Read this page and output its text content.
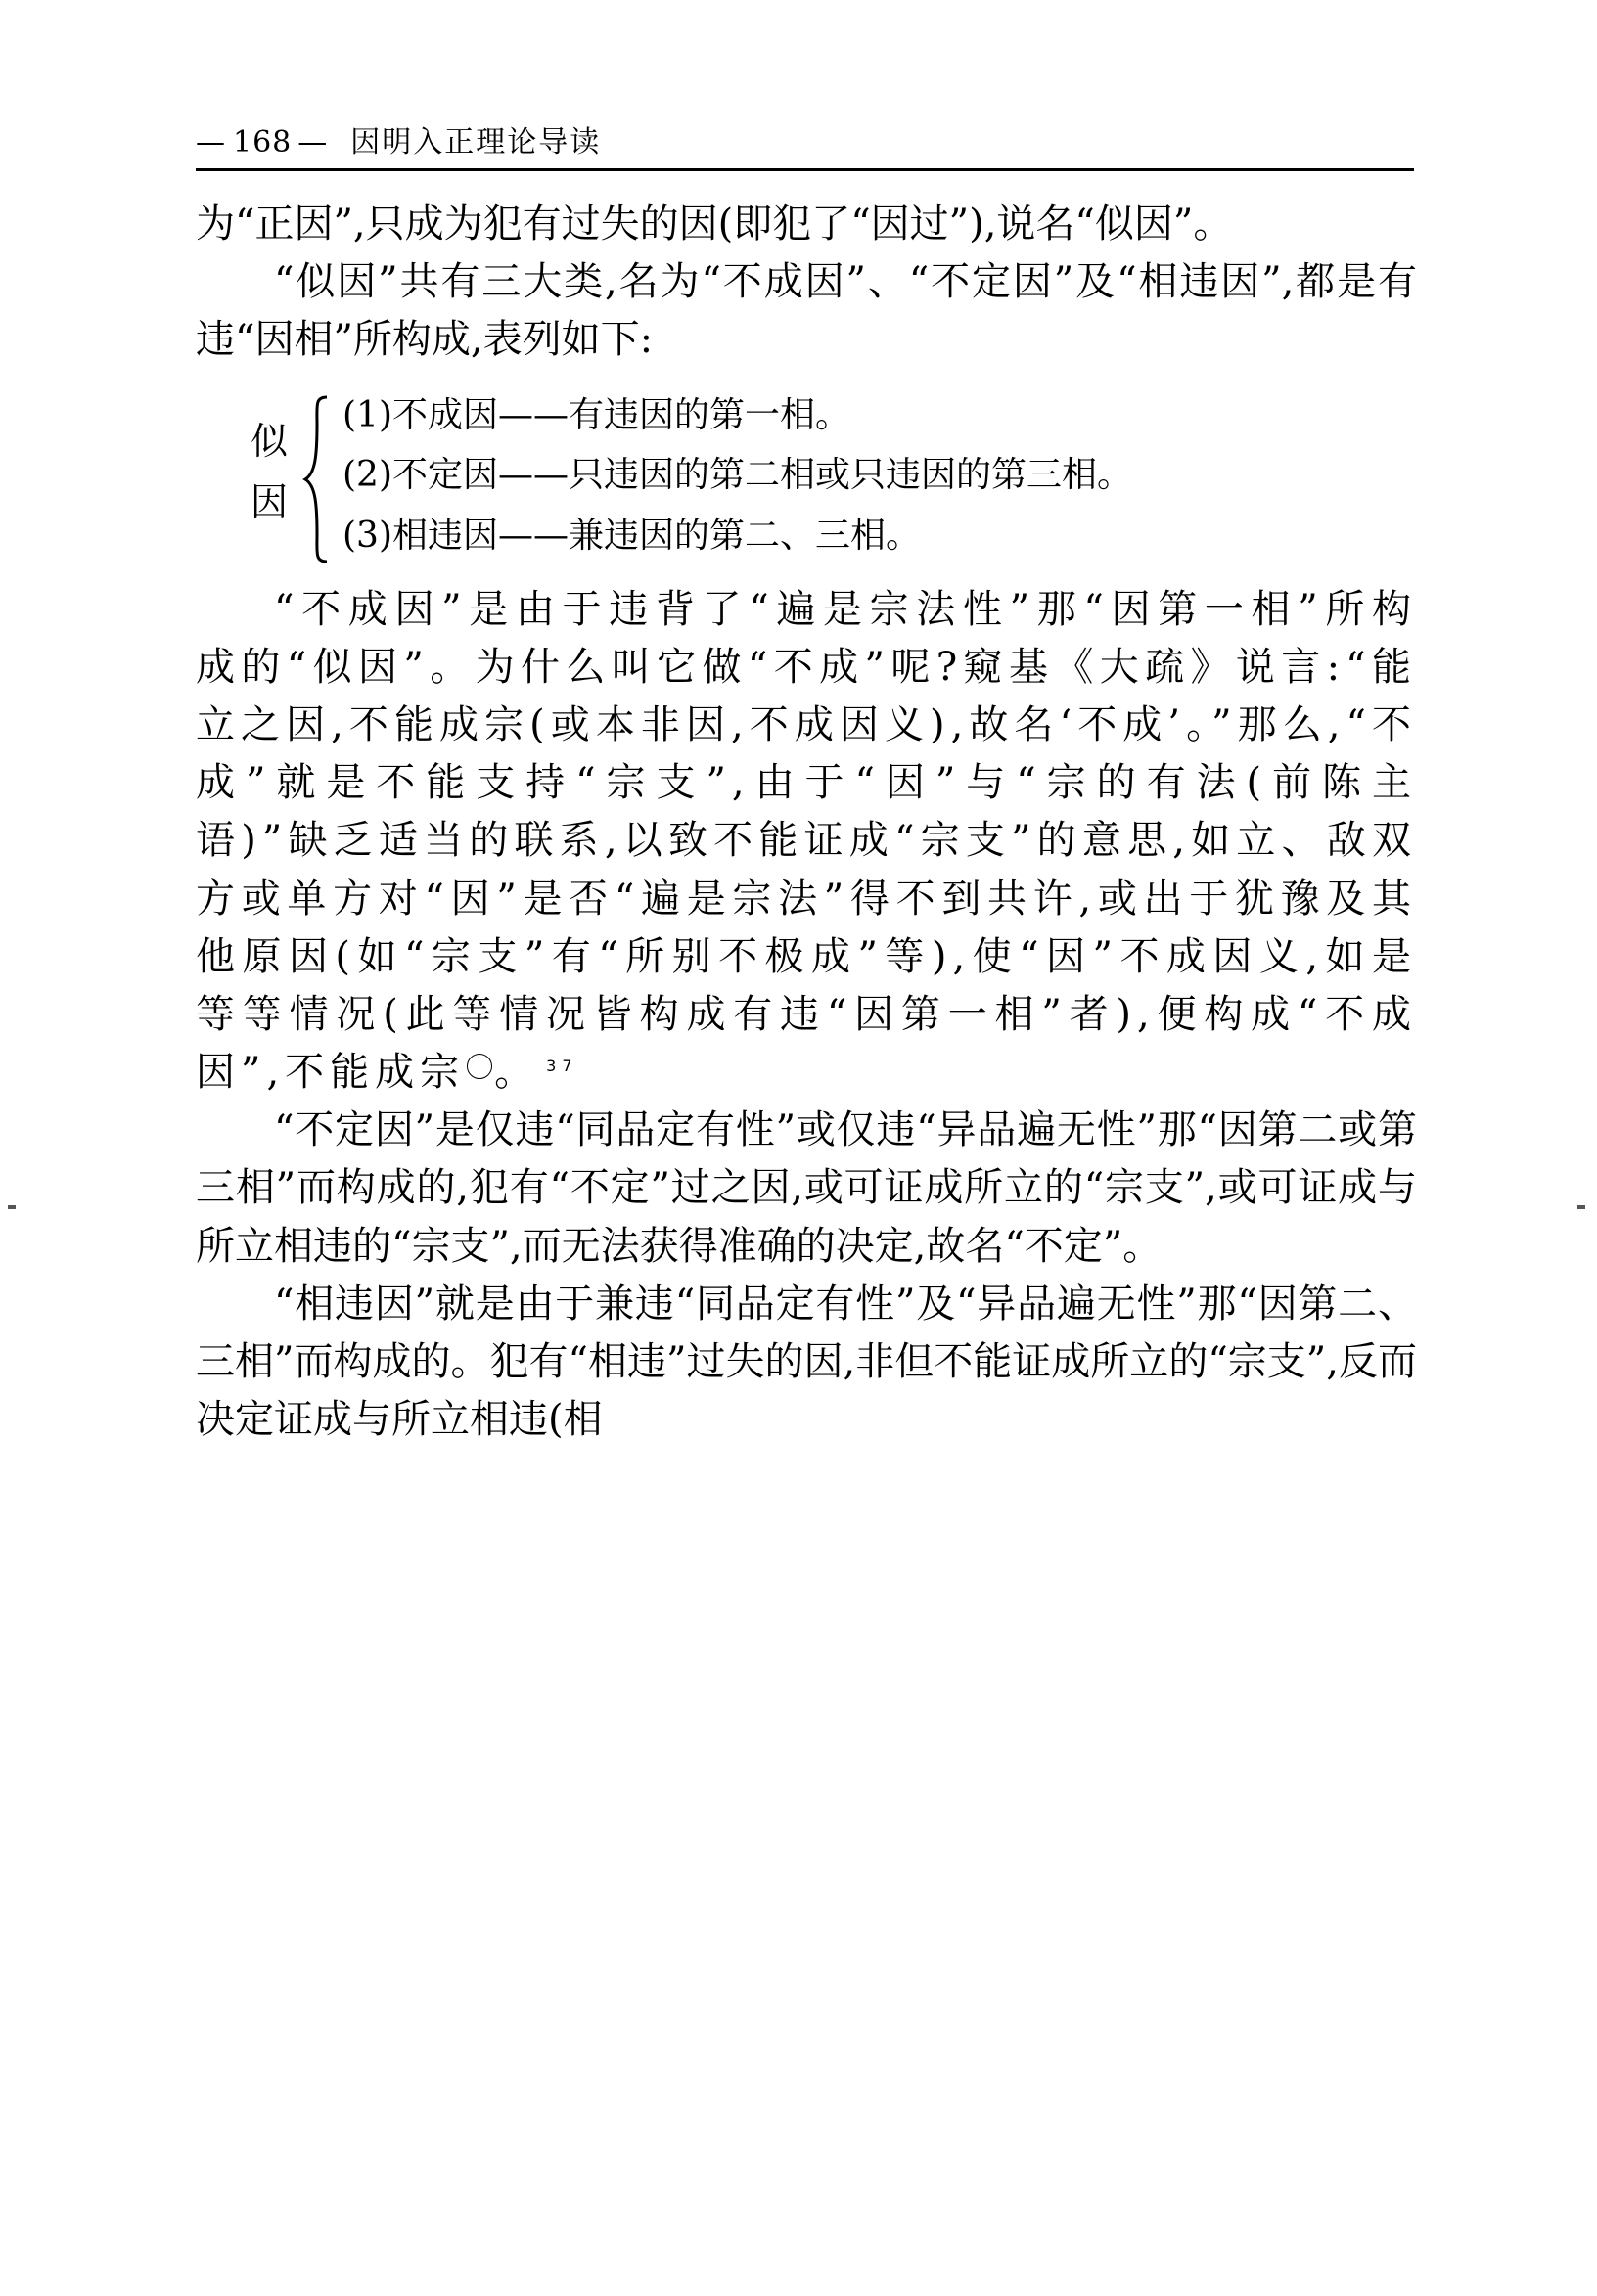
— 168 — 因明入正理论导读

为“正因”,只成为犯有过失的因(即犯了“因过”),说名“似因”。

“似因”共有三大类,名为“不成因”、“不定因”及“相违因”,都是有违“因相”所构成,表列如下:

似
因
(1)不成因——有违因的第一相。
(2)不定因——只违因的第二相或只违因的第三相。
(3)相违因——兼违因的第二、三相。

“不成因”是由于违背了“遍是宗法性”那“因第一相”所构成的“似因”。为什么叫它做“不成”呢?窥基《大疏》说言:“能立之因,不能成宗(或本非因,不成因义),故名‘不成’。”那么,“不成”就是不能支持“宗支”,由于“因”与“宗的有法(前陈主语)”缺乏适当的联系,以致不能证成“宗支”的意思,如立、敌双方或单方对“因”是否“遍是宗法”得不到共许,或出于犹豫及其他原因(如“宗支”有“所别不极成”等),使“因”不成因义,如是等等情况(此等情况皆构成有违“因第一相”者),便构成“不成因”,不能成宗	37。

“不定因”是仅违“同品定有性”或仅违“异品遍无性”那“因第二或第三相”而构成的,犯有“不定”过之因,或可证成所立的“宗支”,或可证成与所立相违的“宗支”,而无法获得准确的决定,故名“不定”。

“相违因”就是由于兼违“同品定有性”及“异品遍无性”那“因第二、三相”而构成的。犯有“相违”过失的因,非但不能证成所立的“宗支”,反而决定证成与所立相违(相
